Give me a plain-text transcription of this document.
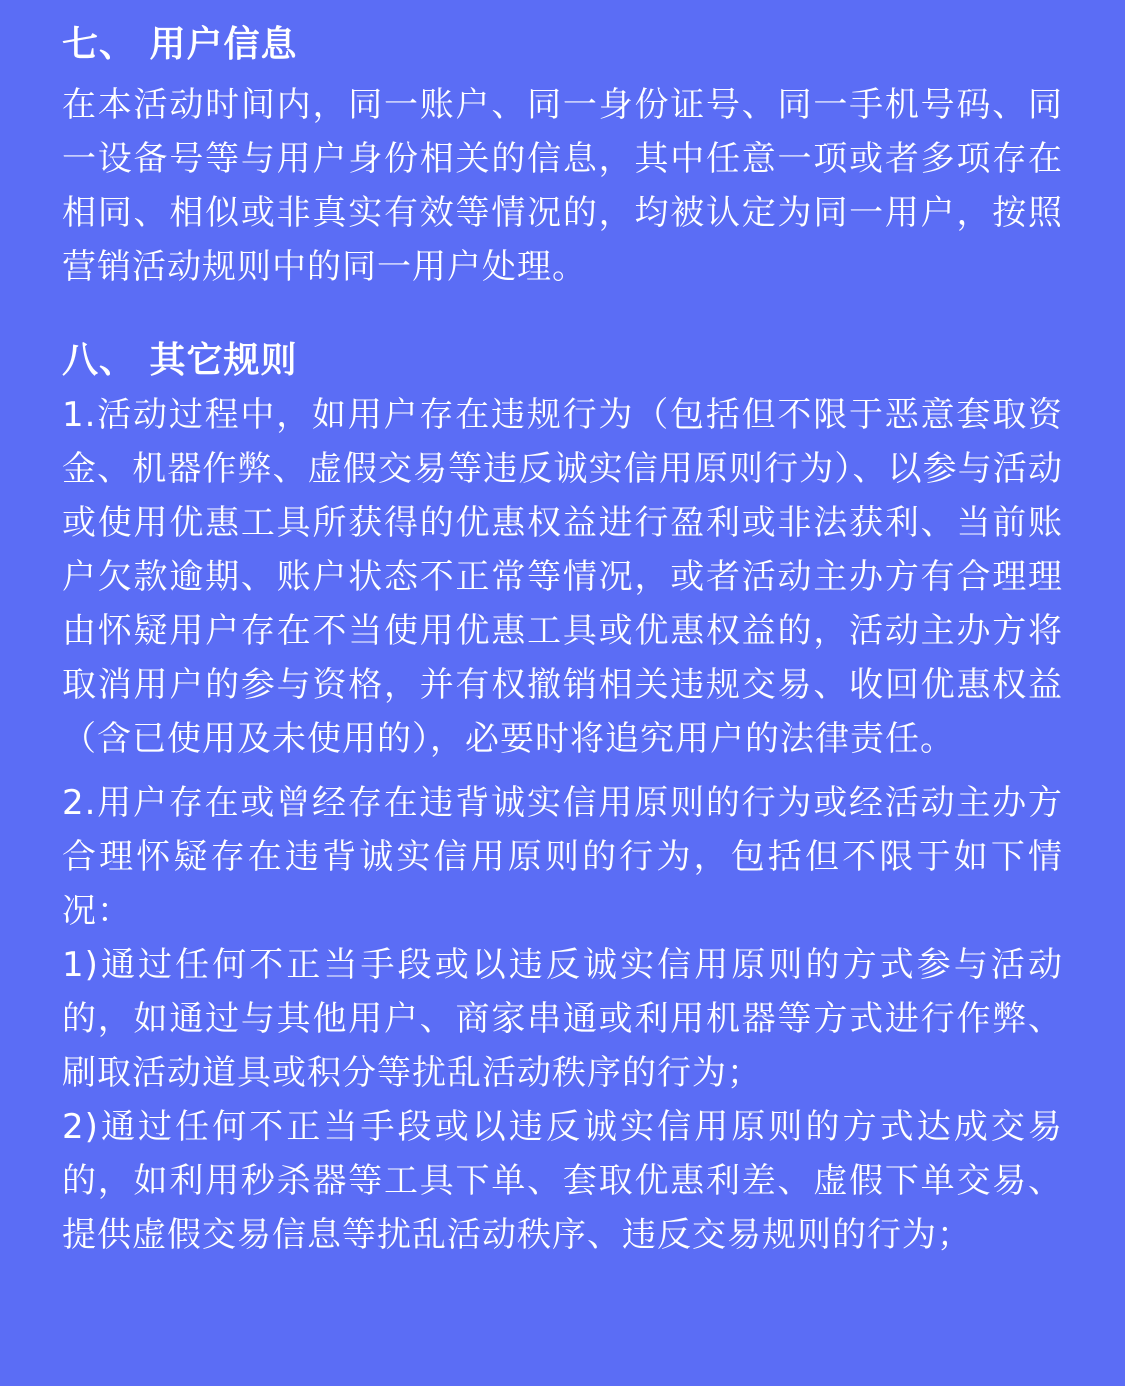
七、 用户信息

在本活动时间内，同一账户、同一身份证号、同一手机号码、同一设备号等与用户身份相关的信息，其中任意一项或者多项存在相同、相似或非真实有效等情况的，均被认定为同一用户，按照营销活动规则中的同一用户处理。

八、 其它规则

1.活动过程中，如用户存在违规行为（包括但不限于恶意套取资金、机器作弊、虚假交易等违反诚实信用原则行为）、以参与活动或使用优惠工具所获得的优惠权益进行盈利或非法获利、当前账户欠款逾期、账户状态不正常等情况，或者活动主办方有合理理由怀疑用户存在不当使用优惠工具或优惠权益的，活动主办方将取消用户的参与资格，并有权撤销相关违规交易、收回优惠权益（含已使用及未使用的），必要时将追究用户的法律责任。

2.用户存在或曾经存在违背诚实信用原则的行为或经活动主办方合理怀疑存在违背诚实信用原则的行为，包括但不限于如下情况：

1)通过任何不正当手段或以违反诚实信用原则的方式参与活动的，如通过与其他用户、商家串通或利用机器等方式进行作弊、刷取活动道具或积分等扰乱活动秩序的行为；

2)通过任何不正当手段或以违反诚实信用原则的方式达成交易的，如利用秒杀器等工具下单、套取优惠利差、虚假下单交易、提供虚假交易信息等扰乱活动秩序、违反交易规则的行为；
